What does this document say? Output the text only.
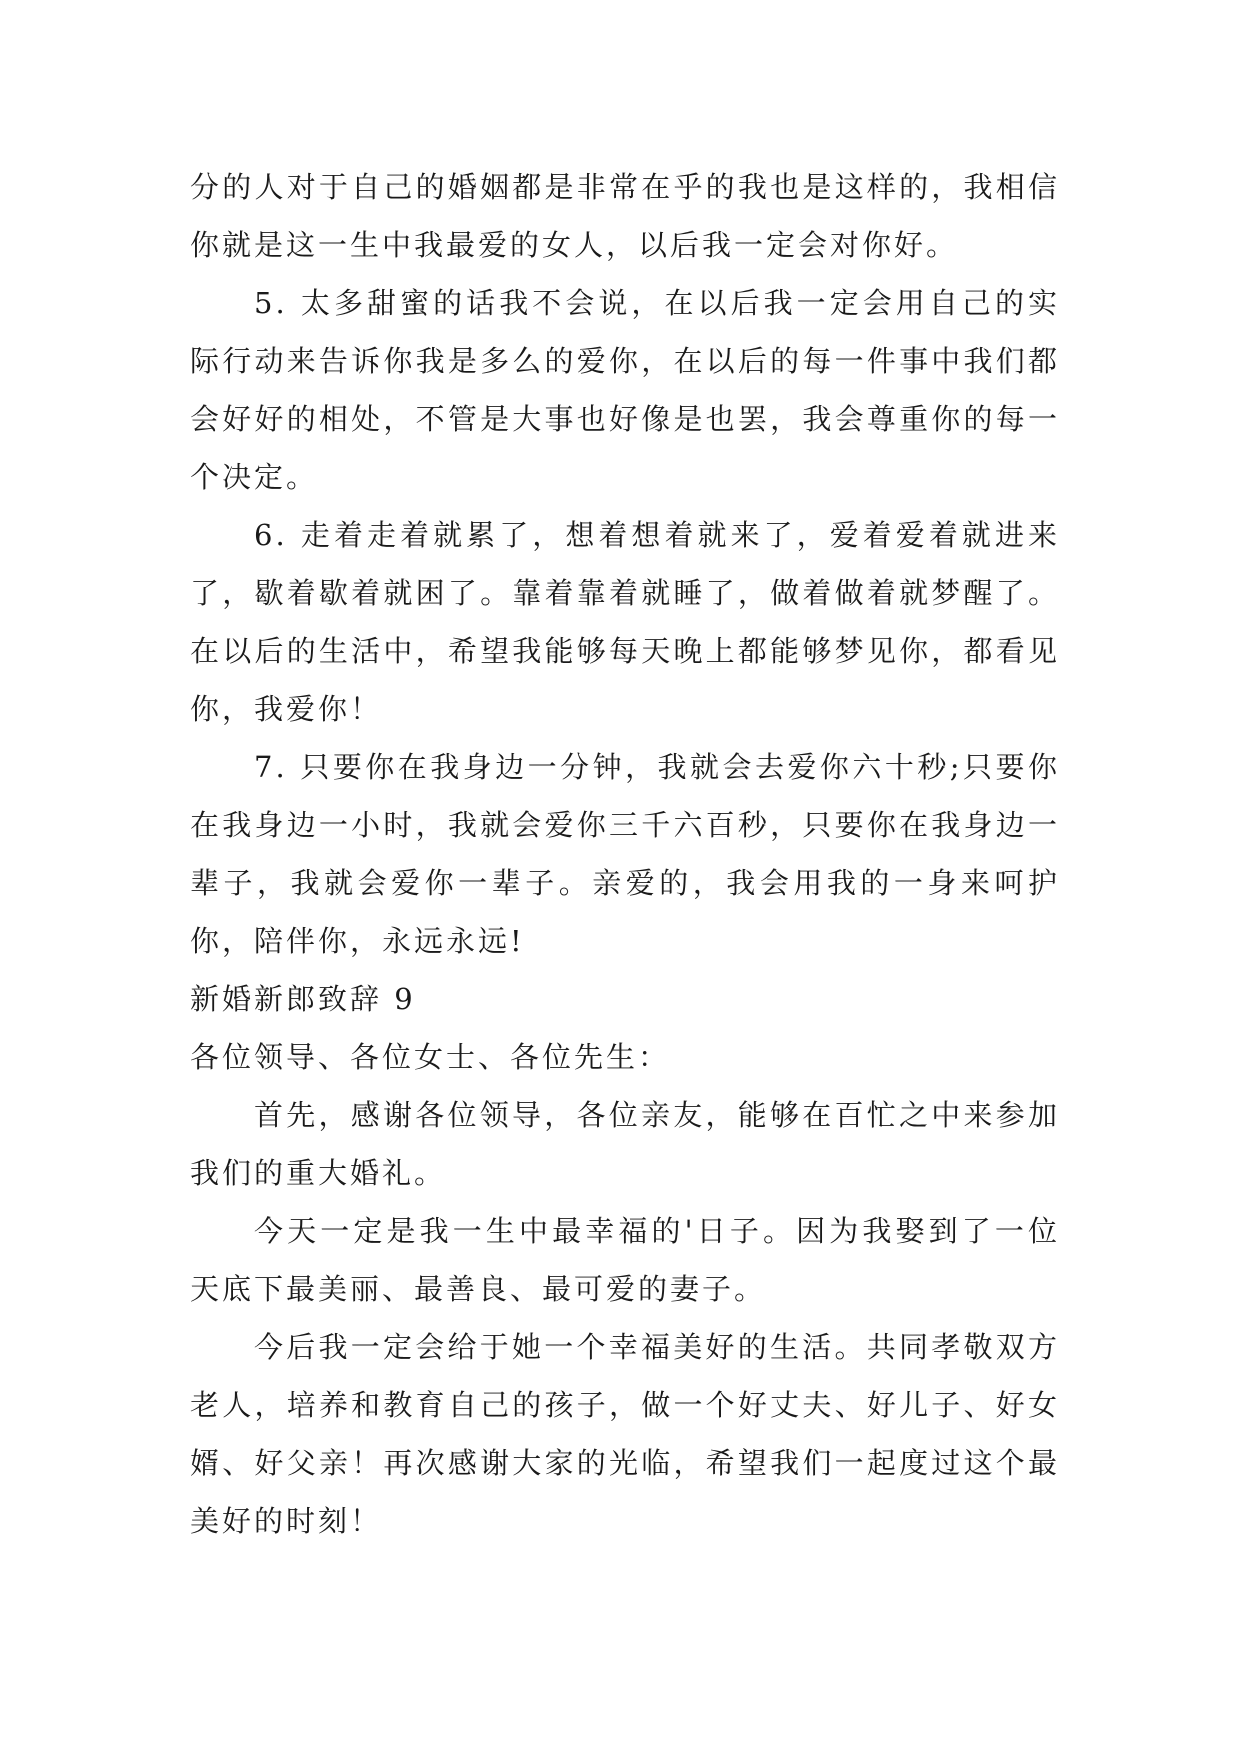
分的人对于自己的婚姻都是非常在乎的我也是这样的，我相信你就是这一生中我最爱的女人，以后我一定会对你好。

5. 太多甜蜜的话我不会说，在以后我一定会用自己的实际行动来告诉你我是多么的爱你，在以后的每一件事中我们都会好好的相处，不管是大事也好像是也罢，我会尊重你的每一个决定。

6. 走着走着就累了，想着想着就来了，爱着爱着就进来了，歇着歇着就困了。靠着靠着就睡了，做着做着就梦醒了。在以后的生活中，希望我能够每天晚上都能够梦见你，都看见你，我爱你！

7. 只要你在我身边一分钟，我就会去爱你六十秒;只要你在我身边一小时，我就会爱你三千六百秒，只要你在我身边一辈子，我就会爱你一辈子。亲爱的，我会用我的一身来呵护你，陪伴你，永远永远!

新婚新郎致辞 9

各位领导、各位女士、各位先生：

首先，感谢各位领导，各位亲友，能够在百忙之中来参加我们的重大婚礼。

今天一定是我一生中最幸福的'日子。因为我娶到了一位天底下最美丽、最善良、最可爱的妻子。

今后我一定会给于她一个幸福美好的生活。共同孝敬双方老人，培养和教育自己的孩子，做一个好丈夫、好儿子、好女婿、好父亲！再次感谢大家的光临，希望我们一起度过这个最美好的时刻！
